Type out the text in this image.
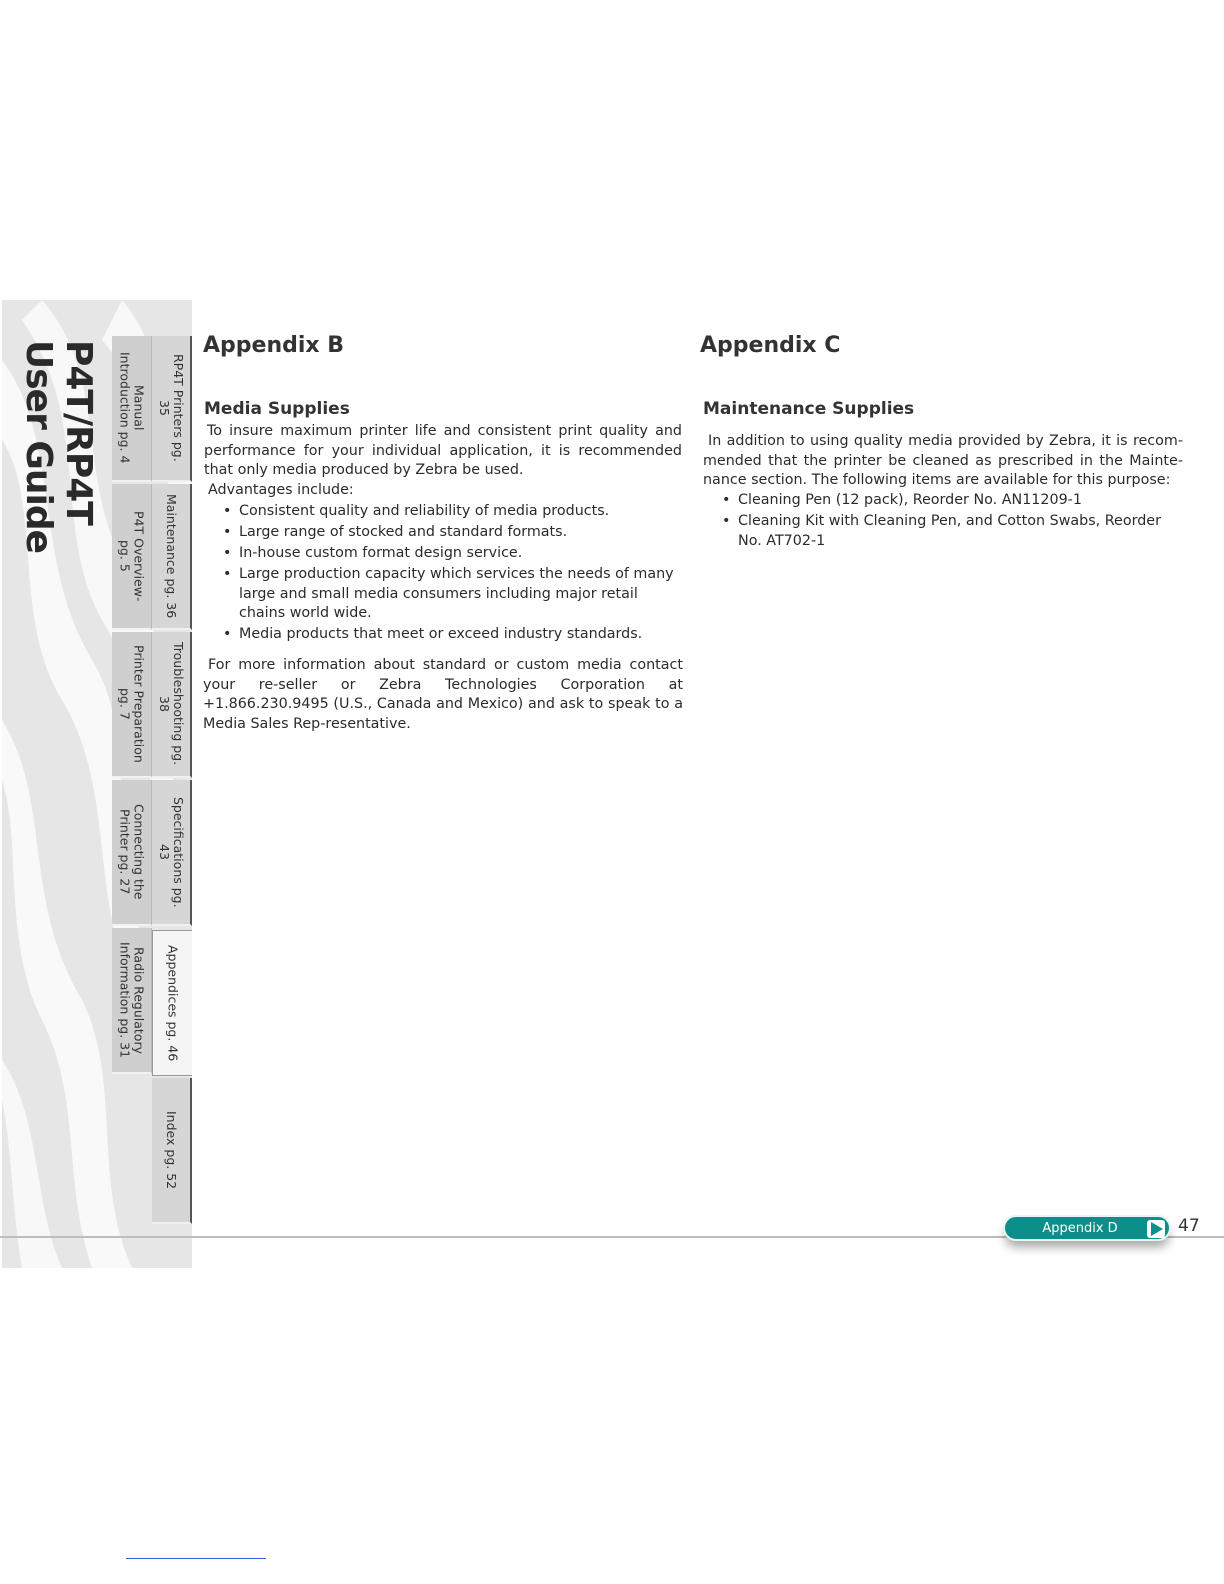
P4T/RP4T
User Guide	Manual
Introduction pg. 4
P4T Overview-
pg. 5
Printer Preparation
pg. 7
Connecting the
Printer pg. 27
Radio Regulatory
Information pg. 31
RP4T Printers pg.
35
Maintenance pg. 36
Troubleshooting pg.
38
Specifications pg.
43
Appendices pg. 46
Index pg. 52
Appendix B
Media Supplies

To insure maximum printer life and consistent print quality and performance for your individual application, it is recommended that only media produced by Zebra be used.

Advantages include:

• Consistent quality and reliability of media products.
• Large range of stocked and standard formats.
• In-house custom format design service.
• Large production capacity which services the needs of many large and small media consumers including major retail chains world wide.
• Media products that meet or exceed industry standards.

For more information about standard or custom media contact your re-seller or Zebra Technologies Corporation at +1.866.230.9495 (U.S., Canada and Mexico) and ask to speak to a Media Sales Rep-resentative.

Appendix C
Maintenance Supplies

In addition to using quality media provided by Zebra, it is recom-mended that the printer be cleaned as prescribed in the Mainte-nance section. The following items are available for this purpose:

• Cleaning Pen (12 pack), Reorder No. AN11209-1
• Cleaning Kit with Cleaning Pen, and Cotton Swabs, Reorder No. AT702-1
Appendix D	47
